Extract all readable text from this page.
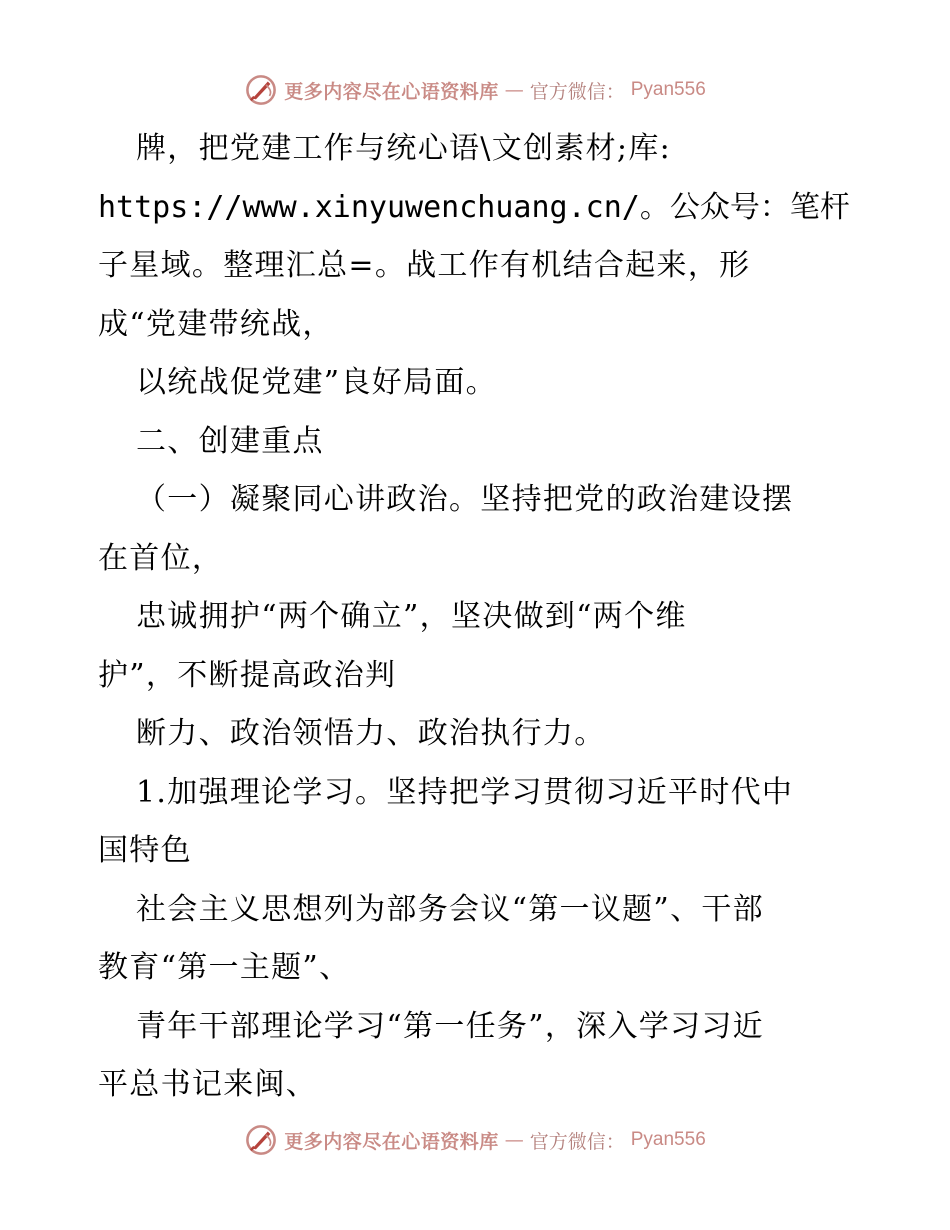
更多内容尽在心语资料库 — 官方微信： Pyan556
牌，把党建工作与统心语\文创素材;库:
https://www.xinyuwenchuang.cn/。公众号：笔杆
子星域。整理汇总=。战工作有机结合起来，形
成“党建带统战，
以统战促党建”良好局面。
二、创建重点
（一）凝聚同心讲政治。坚持把党的政治建设摆
在首位，
忠诚拥护“两个确立”，坚决做到“两个维
护”，不断提高政治判
断力、政治领悟力、政治执行力。
1.加强理论学习。坚持把学习贯彻习近平时代中
国特色
社会主义思想列为部务会议“第一议题”、干部
教育“第一主题”、
青年干部理论学习“第一任务”，深入学习习近
平总书记来闽、
更多内容尽在心语资料库 — 官方微信： Pyan556
